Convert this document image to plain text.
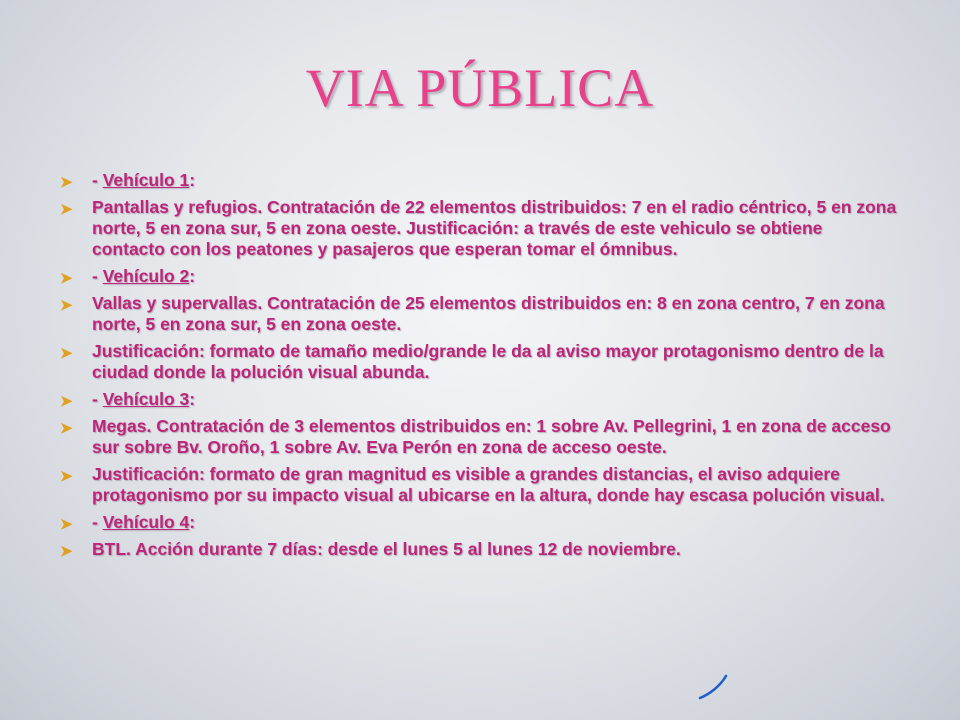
VIA PÚBLICA
➤ - Vehículo 1:
➤ Pantallas y refugios. Contratación de 22 elementos distribuidos: 7 en el radio céntrico, 5 en zona norte, 5 en zona sur, 5 en zona oeste. Justificación: a través de este vehiculo se obtiene contacto con los peatones y pasajeros que esperan tomar el ómnibus.
➤ - Vehículo 2:
➤ Vallas y supervallas. Contratación de 25 elementos distribuidos en: 8 en zona centro, 7 en zona norte, 5 en zona sur, 5 en zona oeste.
➤ Justificación: formato de tamaño medio/grande le da al aviso mayor protagonismo dentro de la ciudad donde la polución visual abunda.
➤ - Vehículo 3:
➤ Megas. Contratación de 3 elementos distribuidos en: 1 sobre Av. Pellegrini, 1 en zona de acceso sur sobre Bv. Oroño, 1 sobre Av. Eva Perón en zona de acceso oeste.
➤ Justificación: formato de gran magnitud es visible a grandes distancias, el aviso adquiere protagonismo por su impacto visual al ubicarse en la altura, donde hay escasa polución visual.
➤ - Vehículo 4:
➤ BTL. Acción durante 7 días: desde el lunes 5 al lunes 12 de noviembre.
